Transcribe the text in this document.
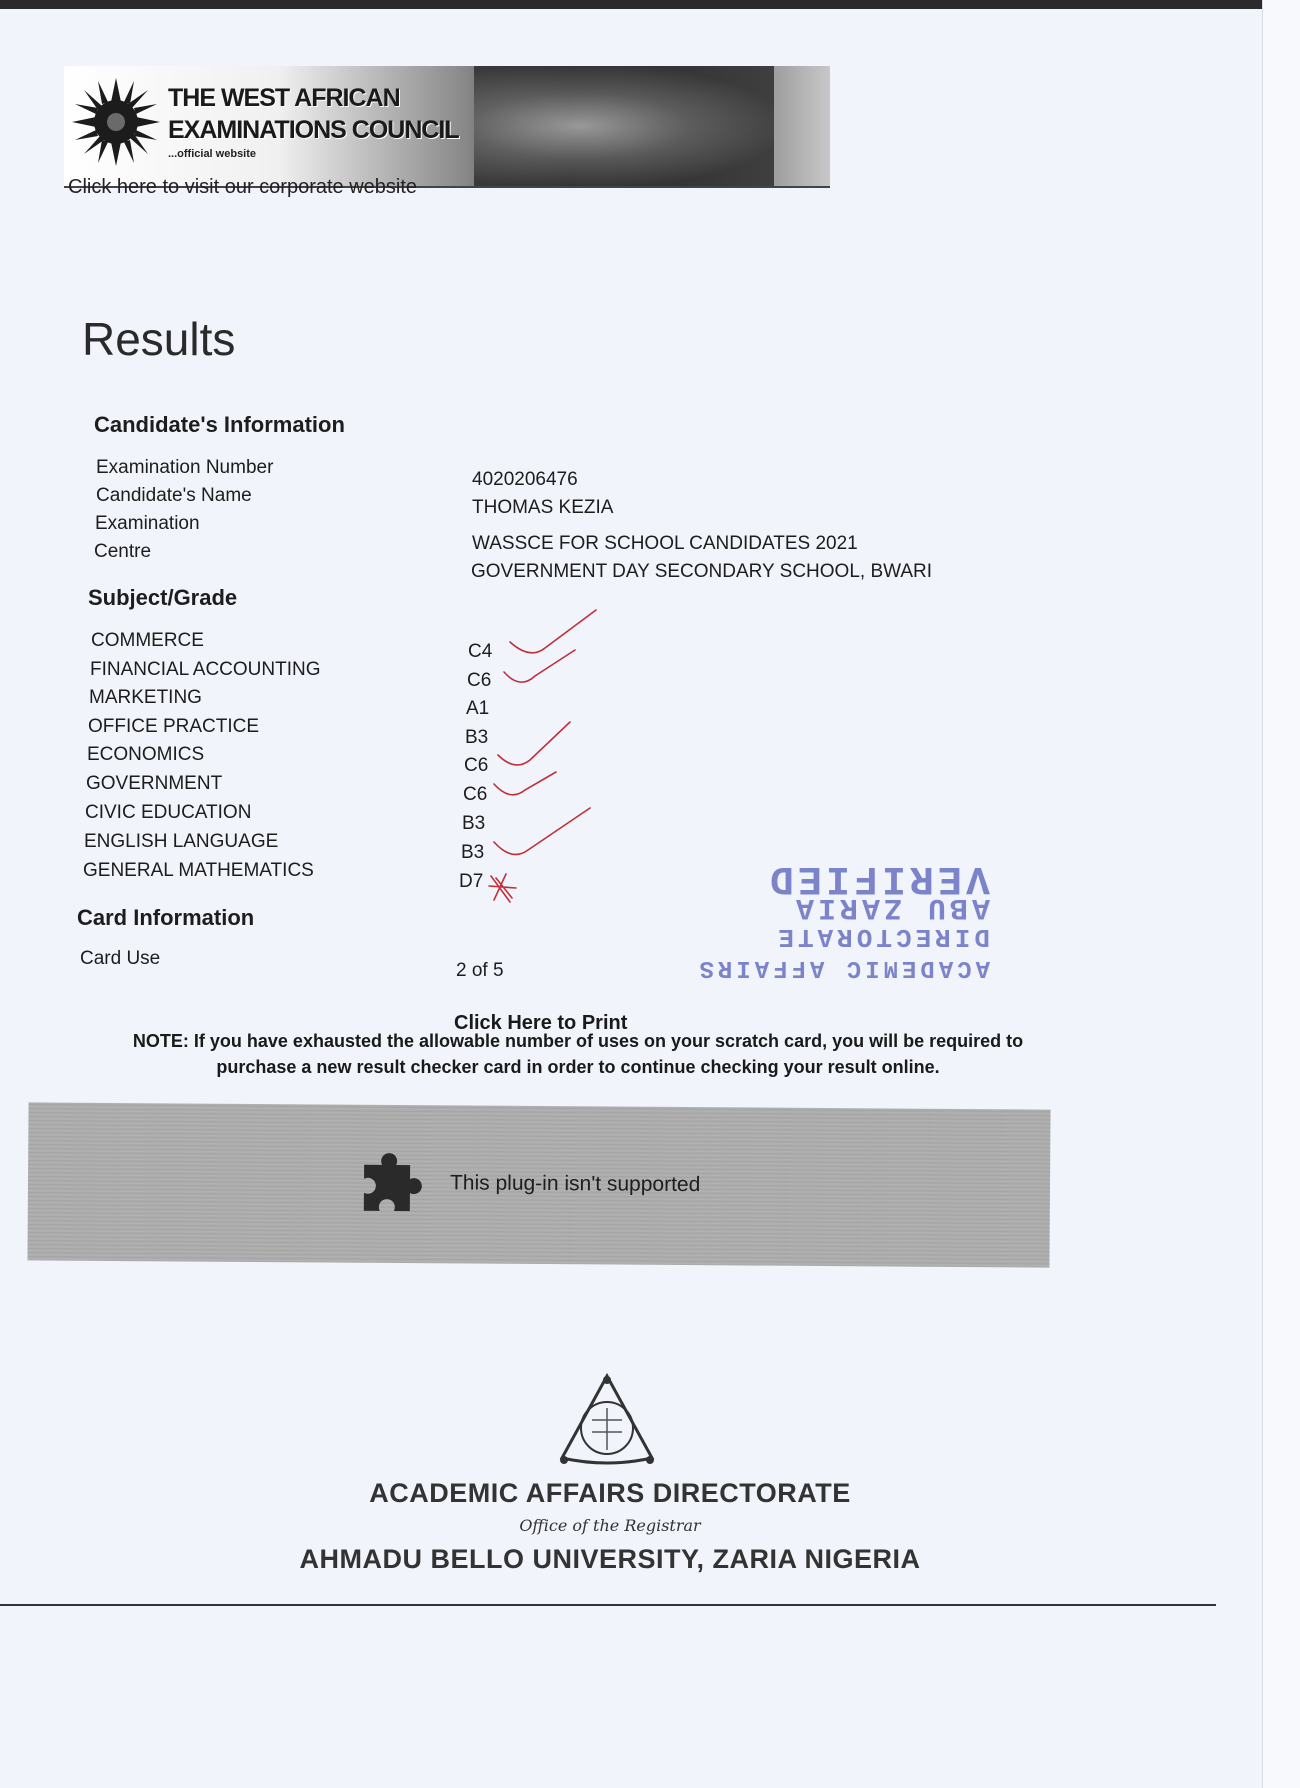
THE WEST AFRICAN
EXAMINATIONS COUNCIL
...official website
Click here to visit our corporate website
Results
Candidate's Information
Examination Number
Candidate's Name
Examination
Centre
4020206476
THOMAS KEZIA
WASSCE FOR SCHOOL CANDIDATES 2021
GOVERNMENT DAY SECONDARY SCHOOL, BWARI
Subject/Grade
COMMERCE
FINANCIAL ACCOUNTING
MARKETING
OFFICE PRACTICE
ECONOMICS
GOVERNMENT
CIVIC EDUCATION
ENGLISH LANGUAGE
GENERAL MATHEMATICS
C4
C6
A1
B3
C6
C6
B3
B3
D7
Card Information
Card Use
2 of 5	ACADEMIC AFFAIRS
DIRECTORATE
ABU ZARIA
VERIFIED
Click Here to Print
NOTE: If you have exhausted the allowable number of uses on your scratch card, you will be required to purchase a new result checker card in order to continue checking your result online.
This plug-in isn't supported
ACADEMIC AFFAIRS DIRECTORATE
Office of the Registrar
AHMADU BELLO UNIVERSITY, ZARIA NIGERIA
